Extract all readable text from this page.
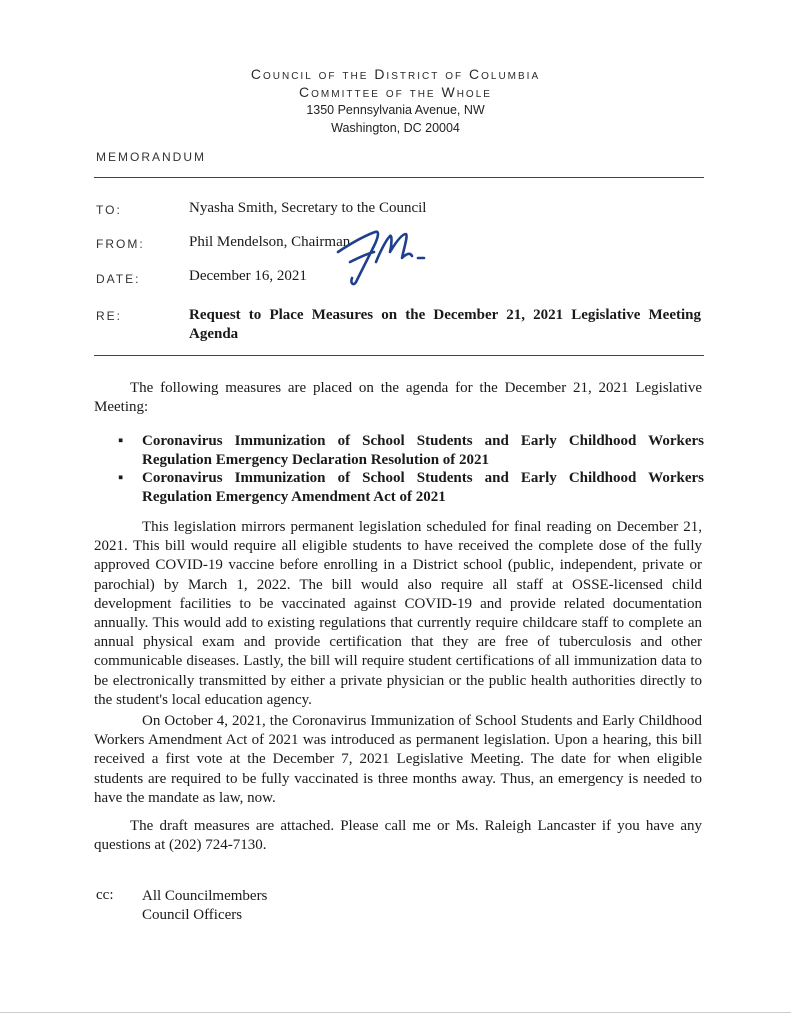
Council of the District of Columbia
Committee of the Whole
1350 Pennsylvania Avenue, NW
Washington, DC 20004
MEMORANDUM
TO:	Nyasha Smith, Secretary to the Council
FROM:	Phil Mendelson, Chairman
DATE:	December 16, 2021
RE:	Request to Place Measures on the December 21, 2021 Legislative Meeting Agenda
The following measures are placed on the agenda for the December 21, 2021 Legislative Meeting:
▪ Coronavirus Immunization of School Students and Early Childhood Workers Regulation Emergency Declaration Resolution of 2021
▪ Coronavirus Immunization of School Students and Early Childhood Workers Regulation Emergency Amendment Act of 2021
This legislation mirrors permanent legislation scheduled for final reading on December 21, 2021. This bill would require all eligible students to have received the complete dose of the fully approved COVID-19 vaccine before enrolling in a District school (public, independent, private or parochial) by March 1, 2022. The bill would also require all staff at OSSE-licensed child development facilities to be vaccinated against COVID-19 and provide related documentation annually. This would add to existing regulations that currently require childcare staff to complete an annual physical exam and provide certification that they are free of tuberculosis and other communicable diseases. Lastly, the bill will require student certifications of all immunization data to be electronically transmitted by either a private physician or the public health authorities directly to the student's local education agency.
On October 4, 2021, the Coronavirus Immunization of School Students and Early Childhood Workers Amendment Act of 2021 was introduced as permanent legislation. Upon a hearing, this bill received a first vote at the December 7, 2021 Legislative Meeting. The date for when eligible students are required to be fully vaccinated is three months away. Thus, an emergency is needed to have the mandate as law, now.
The draft measures are attached. Please call me or Ms. Raleigh Lancaster if you have any questions at (202) 724-7130.
cc: All Councilmembers
Council Officers
